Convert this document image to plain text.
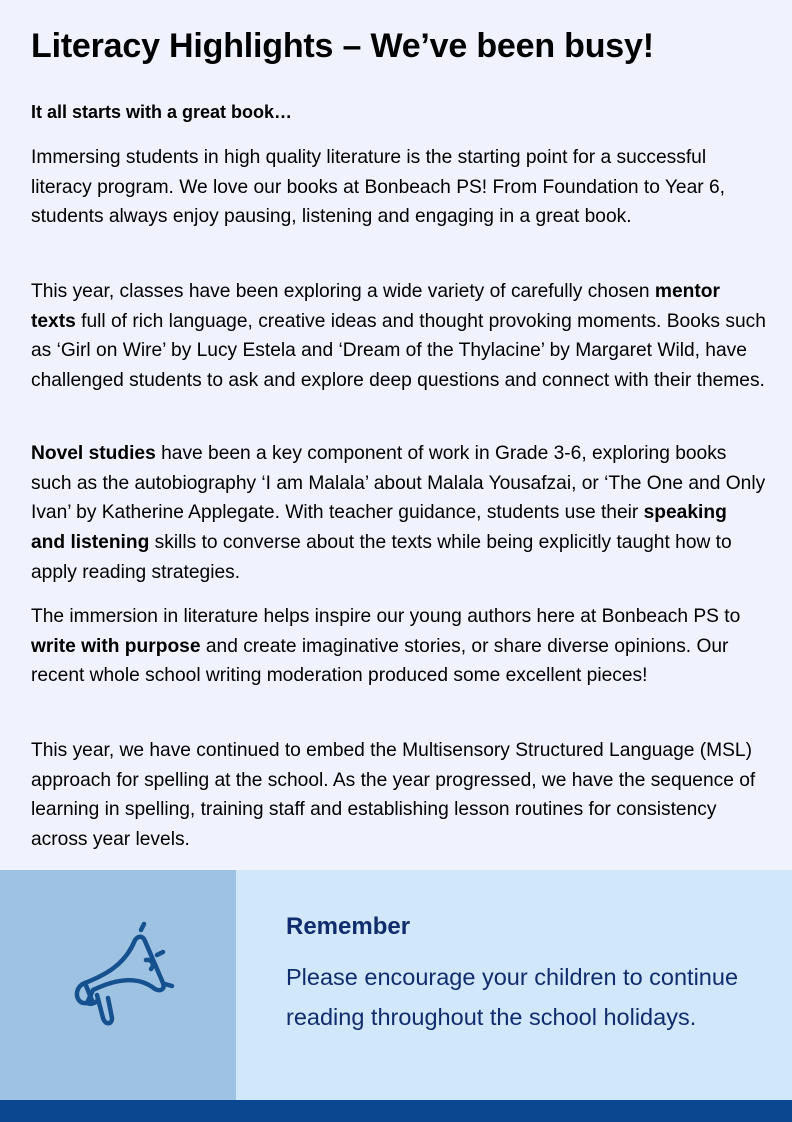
Literacy Highlights – We’ve been busy!
It all starts with a great book…

Immersing students in high quality literature is the starting point for a successful literacy program. We love our books at Bonbeach PS! From Foundation to Year 6, students always enjoy pausing, listening and engaging in a great book.

This year, classes have been exploring a wide variety of carefully chosen mentor texts full of rich language, creative ideas and thought provoking moments. Books such as ‘Girl on Wire’ by Lucy Estela and ‘Dream of the Thylacine’ by Margaret Wild, have challenged students to ask and explore deep questions and connect with their themes.

Novel studies have been a key component of work in Grade 3-6, exploring books such as the autobiography ‘I am Malala’ about Malala Yousafzai, or ‘The One and Only Ivan’ by Katherine Applegate. With teacher guidance, students use their speaking and listening skills to converse about the texts while being explicitly taught how to apply reading strategies.

The immersion in literature helps inspire our young authors here at Bonbeach PS to write with purpose and create imaginative stories, or share diverse opinions. Our recent whole school writing moderation produced some excellent pieces!

This year, we have continued to embed the Multisensory Structured Language (MSL) approach for spelling at the school. As the year progressed, we have the sequence of learning in spelling, training staff and establishing lesson routines for consistency across year levels.

Remember

Please encourage your children to continue reading throughout the school holidays.
